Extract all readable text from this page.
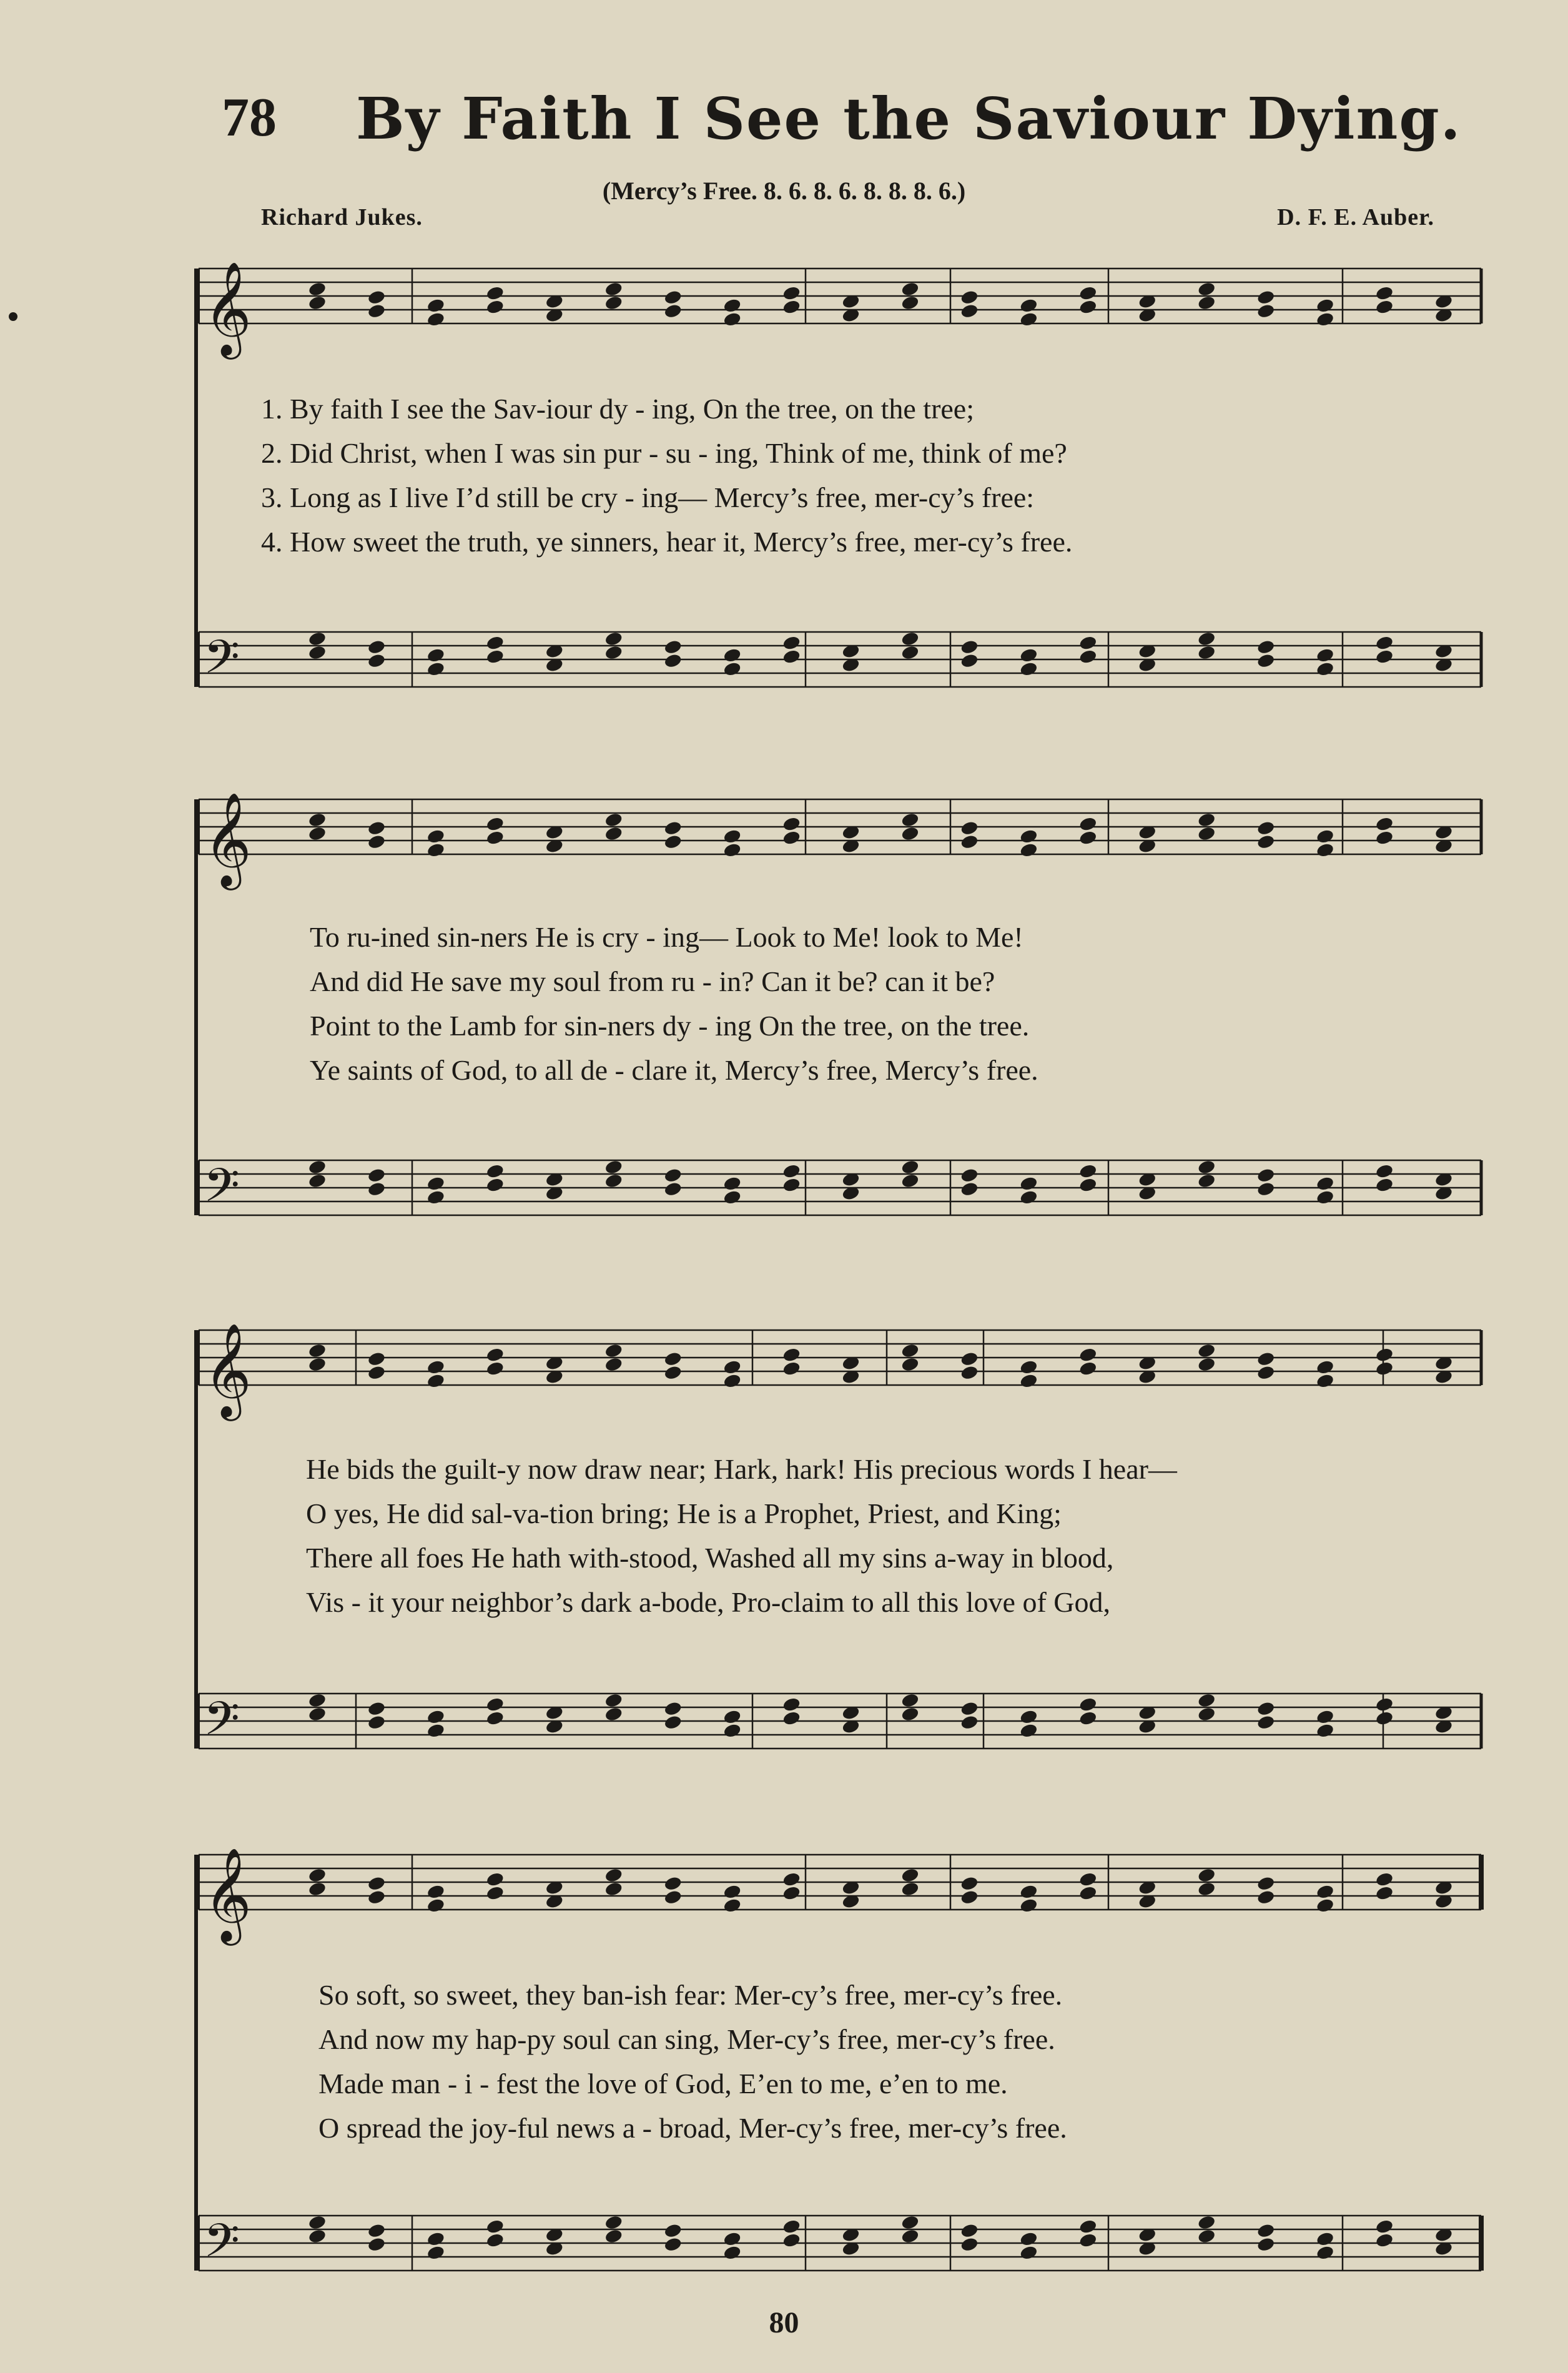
78 By Faith I See the Saviour Dying.
(Mercy’s Free. 8. 6. 8. 6. 8. 8. 8. 6.)
Richard Jukes.	D. F. E. Auber.
𝄞
𝄢
𝄞
𝄢
𝄞
𝄢
𝄞
𝄢
1. By faith I see the Sav-iour dy - ing, On the tree, on the tree;
2. Did Christ, when I was sin pur - su - ing, Think of me, think of me?
3. Long as I live I’d still be cry - ing— Mercy’s free, mer-cy’s free:
4. How sweet the truth, ye sinners, hear it, Mercy’s free, mer-cy’s free.
To ru-ined sin-ners He is cry - ing— Look to Me! look to Me!
And did He save my soul from ru - in? Can it be? can it be?
Point to the Lamb for sin-ners dy - ing On the tree, on the tree.
Ye saints of God, to all de - clare it, Mercy’s free, Mercy’s free.
He bids the guilt-y now draw near; Hark, hark! His precious words I hear—
O yes, He did sal-va-tion bring; He is a Prophet, Priest, and King;
There all foes He hath with-stood, Washed all my sins a-way in blood,
Vis - it your neighbor’s dark a-bode, Pro-claim to all this love of God,
So soft, so sweet, they ban-ish fear: Mer-cy’s free, mer-cy’s free.
And now my hap-py soul can sing, Mer-cy’s free, mer-cy’s free.
Made man - i - fest the love of God, E’en to me, e’en to me.
O spread the joy-ful news a - broad, Mer-cy’s free, mer-cy’s free.
80
